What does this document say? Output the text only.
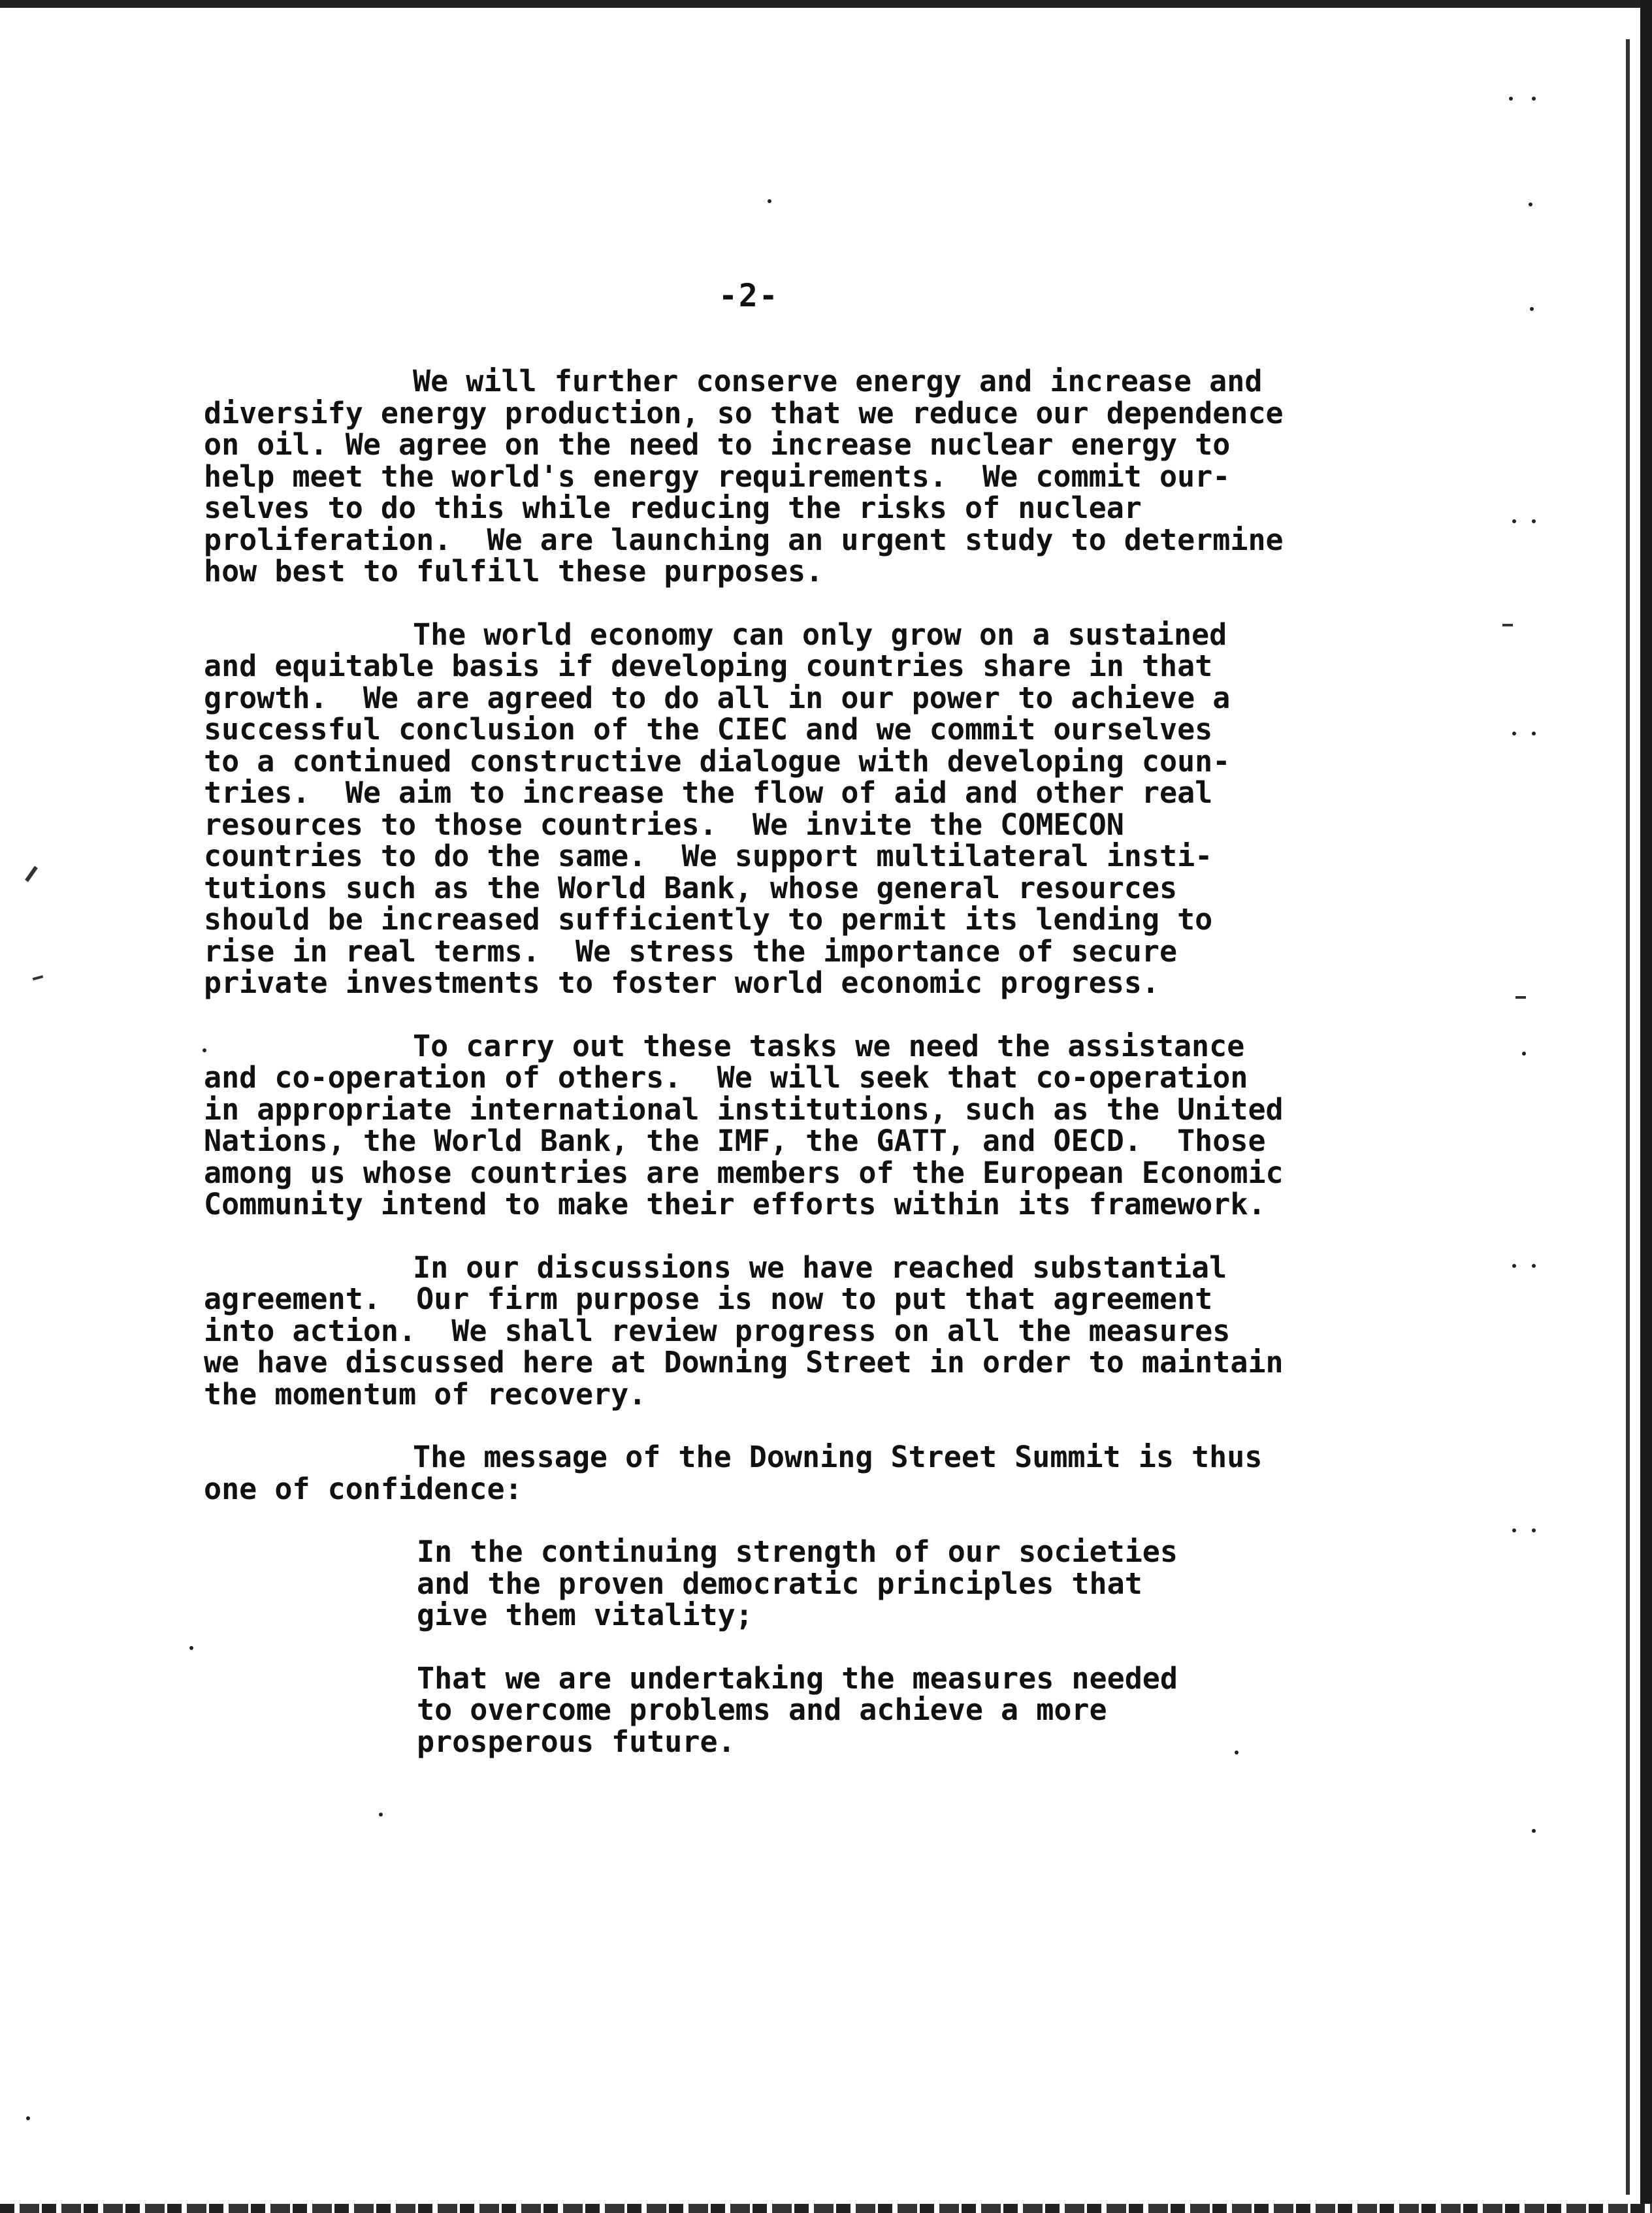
-2-

We will further conserve energy and increase and
diversify energy production, so that we reduce our dependence
on oil. We agree on the need to increase nuclear energy to
help meet the world's energy requirements.  We commit our-
selves to do this while reducing the risks of nuclear
proliferation.  We are launching an urgent study to determine
how best to fulfill these purposes.

The world economy can only grow on a sustained
and equitable basis if developing countries share in that
growth.  We are agreed to do all in our power to achieve a
successful conclusion of the CIEC and we commit ourselves
to a continued constructive dialogue with developing coun-
tries.  We aim to increase the flow of aid and other real
resources to those countries.  We invite the COMECON
countries to do the same.  We support multilateral insti-
tutions such as the World Bank, whose general resources
should be increased sufficiently to permit its lending to
rise in real terms.  We stress the importance of secure
private investments to foster world economic progress.

To carry out these tasks we need the assistance
and co-operation of others.  We will seek that co-operation
in appropriate international institutions, such as the United
Nations, the World Bank, the IMF, the GATT, and OECD.  Those
among us whose countries are members of the European Economic
Community intend to make their efforts within its framework.

In our discussions we have reached substantial
agreement.  Our firm purpose is now to put that agreement
into action.  We shall review progress on all the measures
we have discussed here at Downing Street in order to maintain
the momentum of recovery.

The message of the Downing Street Summit is thus
one of confidence:

In the continuing strength of our societies
and the proven democratic principles that
give them vitality;

That we are undertaking the measures needed
to overcome problems and achieve a more
prosperous future.
